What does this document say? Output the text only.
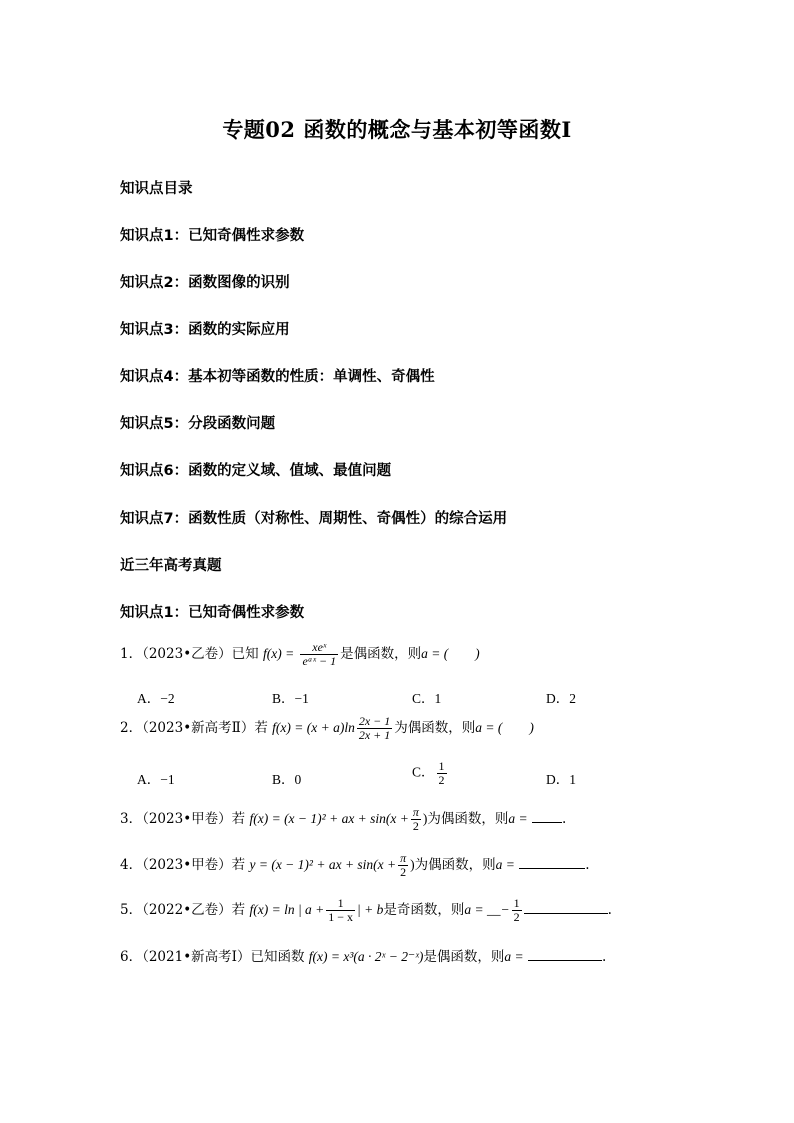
专题02 函数的概念与基本初等函数I
知识点目录
知识点1：已知奇偶性求参数
知识点2：函数图像的识别
知识点3：函数的实际应用
知识点4：基本初等函数的性质：单调性、奇偶性
知识点5：分段函数问题
知识点6：函数的定义域、值域、最值问题
知识点7：函数性质（对称性、周期性、奇偶性）的综合运用
近三年高考真题
知识点1：已知奇偶性求参数
1．（2023•乙卷）已知 $f(x) = \frac{\text{xeˣ}}{\text{eᵃˣ − 1}}$ 是偶函数，则a = (　　)
A．−2	B．−1	C．1	D．2
2．（2023•新高考Ⅱ）若 $f(x) = (x + a)\ln \frac{2x - 1}{2x + 1}$ 为偶函数，则a = (　　)
A．−1	B．0	C． $\frac{1}{2}$	D．1
3．（2023•甲卷）若 f(x) = (x − 1)² + ax + $\sin(x + \frac{\pi}{2}$ )为偶函数，则a =	.
4．（2023•甲卷）若 y = (x − 1)² + ax + $\sin(x + \frac{\pi}{2}$ )为偶函数，则a =	.
5．（2022•乙卷）若 f(x) = ln | $a + \frac{1}{1 - x}$ | + b是奇函数，则a = __− $\frac{1}{2}$	.
6．（2021•新高考Ⅰ）已知函数 f(x) = x³(a · 2ˣ − 2⁻ˣ)是偶函数，则a =	.
